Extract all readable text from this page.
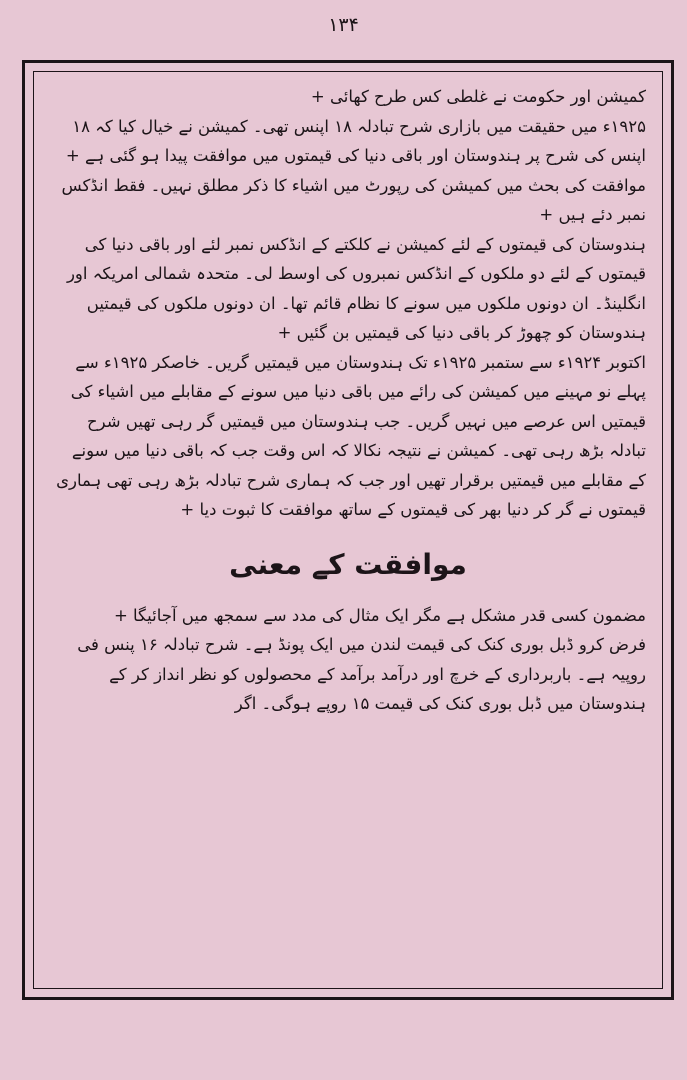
۱۳۴

کمیشن اور حکومت نے غلطی کس طرح کھائی +

۱۹۲۵ء میں حقیقت میں بازاری شرح تبادلہ ۱۸ اپنس تھی۔ کمیشن نے خیال کیا کہ ۱۸ اپنس کی شرح پر ہندوستان اور باقی دنیا کی قیمتوں میں موافقت پیدا ہو گئی ہے +

موافقت کی بحث میں کمیشن کی رپورٹ میں اشیاء کا ذکر مطلق نہیں۔ فقط انڈکس نمبر دئے ہیں +

ہندوستان کی قیمتوں کے لئے کمیشن نے کلکتے کے انڈکس نمبر لئے اور باقی دنیا کی قیمتوں کے لئے دو ملکوں کے انڈکس نمبروں کی اوسط لی۔ متحدہ شمالی امریکہ اور انگلینڈ۔ ان دونوں ملکوں میں سونے کا نظام قائم تھا۔ ان دونوں ملکوں کی قیمتیں ہندوستان کو چھوڑ کر باقی دنیا کی قیمتیں بن گئیں +

اکتوبر ۱۹۲۴ء سے ستمبر ۱۹۲۵ء تک ہندوستان میں قیمتیں گریں۔ خاصکر ۱۹۲۵ء سے پہلے نو مہینے میں کمیشن کی رائے میں باقی دنیا میں سونے کے مقابلے میں اشیاء کی قیمتیں اس عرصے میں نہیں گریں۔ جب ہندوستان میں قیمتیں گر رہی تھیں شرح تبادلہ بڑھ رہی تھی۔ کمیشن نے نتیجہ نکالا کہ اس وقت جب کہ باقی دنیا میں سونے کے مقابلے میں قیمتیں برقرار تھیں اور جب کہ ہماری شرح تبادلہ بڑھ رہی تھی ہماری قیمتوں نے گر کر دنیا بھر کی قیمتوں کے ساتھ موافقت کا ثبوت دیا +

موافقت کے معنی

مضمون کسی قدر مشکل ہے مگر ایک مثال کی مدد سے سمجھ میں آجائیگا +

فرض کرو ڈبل بوری کنک کی قیمت لندن میں ایک پونڈ ہے۔ شرح تبادلہ ۱۶ پنس فی روپیہ ہے۔ باربرداری کے خرچ اور درآمد برآمد کے محصولوں کو نظر انداز کر کے ہندوستان میں ڈبل بوری کنک کی قیمت ۱۵ روپے ہوگی۔ اگر
